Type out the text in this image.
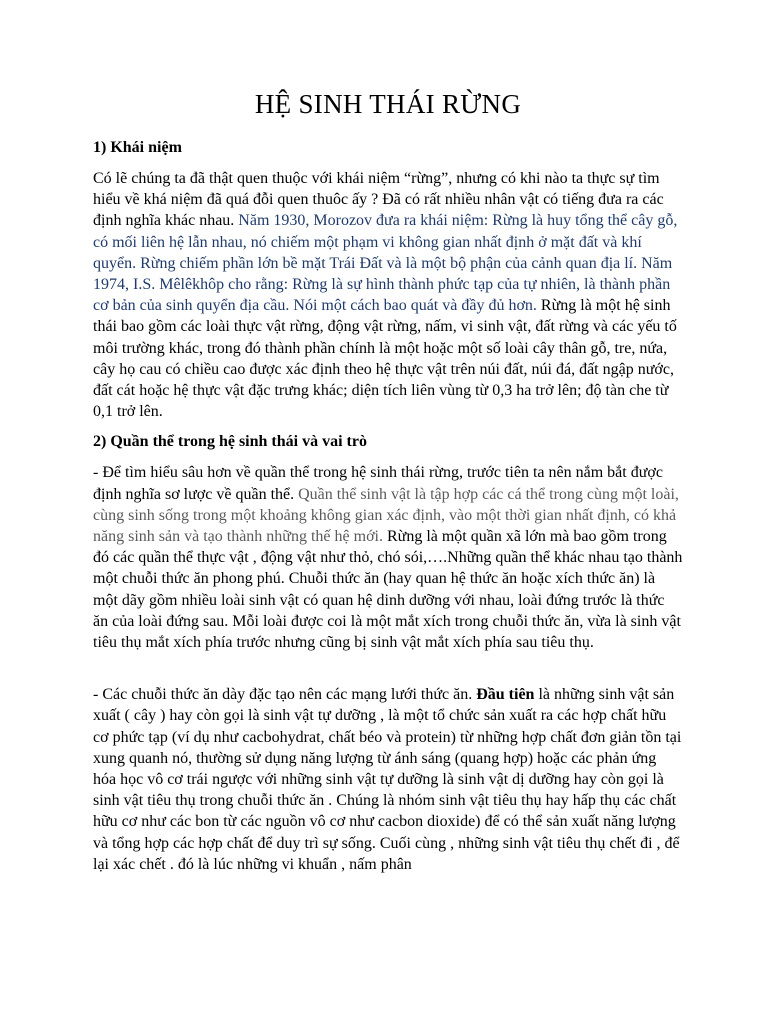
HỆ SINH THÁI RỪNG
1) Khái niệm

Có lẽ chúng ta đã thật quen thuộc với khái niệm “rừng”, nhưng có khi nào ta thực sự tìm hiểu về khá niệm đã quá đỗi quen thuôc ấy ? Đã có rất nhiều nhân vật có tiếng đưa ra các định nghĩa khác nhau. Năm 1930, Morozov đưa ra khái niệm: Rừng là huy tổng thể cây gỗ, có mối liên hệ lẫn nhau, nó chiếm một phạm vi không gian nhất định ở mặt đất và khí quyển. Rừng chiếm phần lớn bề mặt Trái Đất và là một bộ phận của cảnh quan địa lí. Năm 1974, I.S. Mêlêkhôp cho rằng: Rừng là sự hình thành phức tạp của tự nhiên, là thành phần cơ bản của sinh quyển địa cầu. Nói một cách bao quát và đầy đủ hơn. Rừng là một hệ sinh thái bao gồm các loài thực vật rừng, động vật rừng, nấm, vi sinh vật, đất rừng và các yếu tố môi trường khác, trong đó thành phần chính là một hoặc một số loài cây thân gỗ, tre, nứa, cây họ cau có chiều cao được xác định theo hệ thực vật trên núi đất, núi đá, đất ngập nước, đất cát hoặc hệ thực vật đặc trưng khác; diện tích liên vùng từ 0,3 ha trở lên; độ tàn che từ 0,1 trở lên.

2) Quần thể trong hệ sinh thái và vai trò

- Để tìm hiểu sâu hơn về quần thể trong hệ sinh thái rừng, trước tiên ta nên nắm bắt được định nghĩa sơ lược về quần thể. Quần thể sinh vật là tập hợp các cá thể trong cùng một loài, cùng sinh sống trong một khoảng không gian xác định, vào một thời gian nhất định, có khả năng sinh sản và tạo thành những thế hệ mới. Rừng là một quần xã lớn mà bao gồm trong đó các quần thể thực vật , động vật như thỏ, chó sói,….Những quần thể khác nhau tạo thành một chuỗi thức ăn phong phú. Chuỗi thức ăn (hay quan hệ thức ăn hoặc xích thức ăn) là một dãy gồm nhiều loài sinh vật có quan hệ dinh dưỡng với nhau, loài đứng trước là thức ăn của loài đứng sau. Mỗi loài được coi là một mắt xích trong chuỗi thức ăn, vừa là sinh vật tiêu thụ mắt xích phía trước nhưng cũng bị sinh vật mắt xích phía sau tiêu thụ.

- Các chuỗi thức ăn dày đặc tạo nên các mạng lưới thức ăn. Đầu tiên là những sinh vật sản xuất ( cây ) hay còn gọi là sinh vật tự dưỡng , là một tổ chức sản xuất ra các hợp chất hữu cơ phức tạp (ví dụ như cacbohydrat, chất béo và protein) từ những hợp chất đơn giản tồn tại xung quanh nó, thường sử dụng năng lượng từ ánh sáng (quang hợp) hoặc các phản ứng hóa học vô cơ trái ngược với những sinh vật tự dưỡng là sinh vật dị dưỡng hay còn gọi là sinh vật tiêu thụ trong chuỗi thức ăn . Chúng là nhóm sinh vật tiêu thụ hay hấp thụ các chất hữu cơ như các bon từ các nguồn vô cơ như cacbon dioxide) để có thể sản xuất năng lượng và tổng hợp các hợp chất để duy trì sự sống. Cuối cùng , những sinh vật tiêu thụ chết đi , để lại xác chết . đó là lúc những vi khuẩn , nấm phân
